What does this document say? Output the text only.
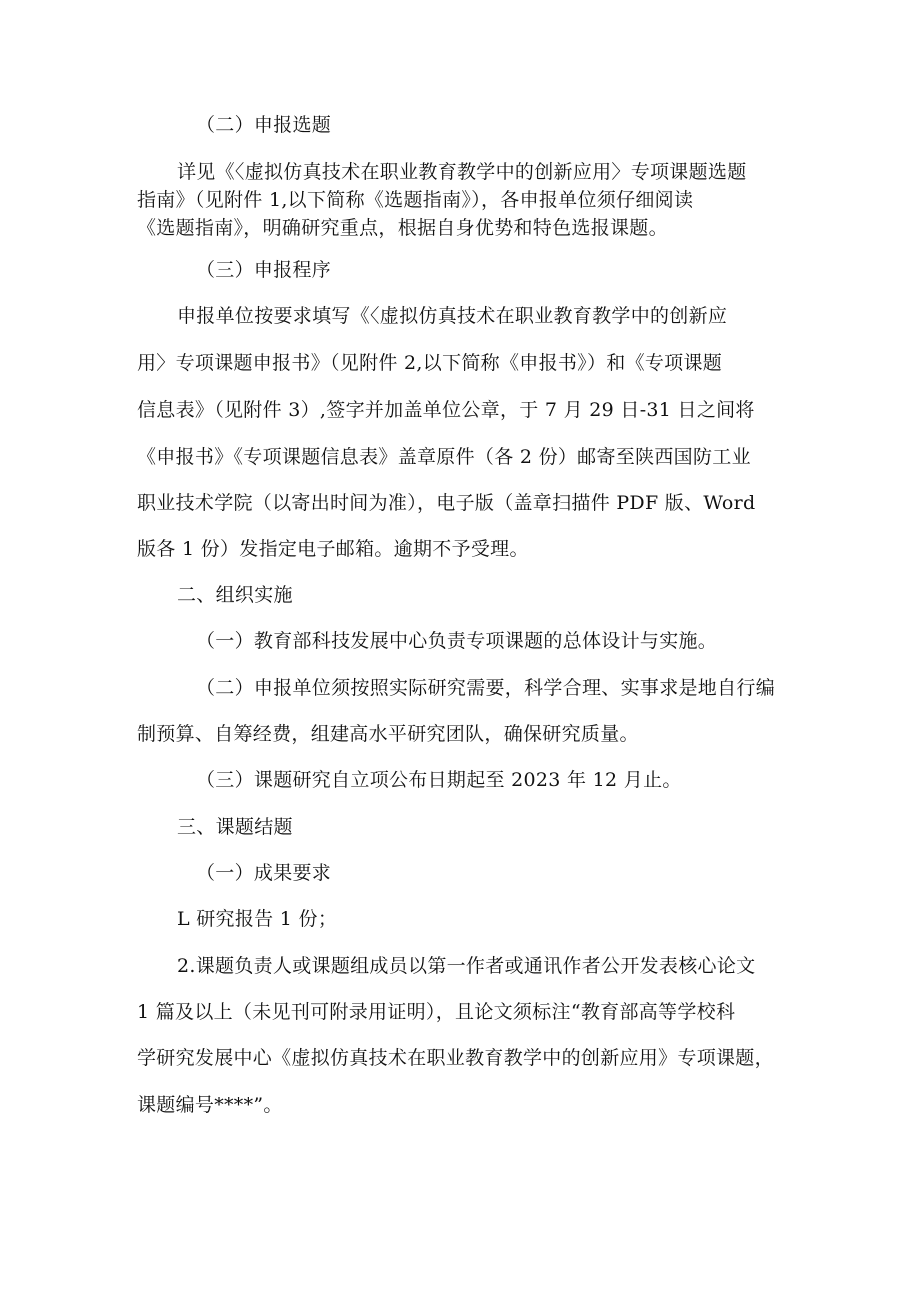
（二）申报选题
详见《〈虚拟仿真技术在职业教育教学中的创新应用〉专项课题选题
指南》（见附件 1,以下简称《选题指南》），各申报单位须仔细阅读
《选题指南》，明确研究重点，根据自身优势和特色选报课题。
（三）申报程序
申报单位按要求填写《〈虚拟仿真技术在职业教育教学中的创新应
用〉专项课题申报书》（见附件 2,以下简称《申报书》）和《专项课题
信息表》（见附件 3）,签字并加盖单位公章，于 7 月 29 日-31 日之间将
《申报书》《专项课题信息表》盖章原件（各 2 份）邮寄至陕西国防工业
职业技术学院（以寄出时间为准），电子版（盖章扫描件 PDF 版、Word
版各 1 份）发指定电子邮箱。逾期不予受理。
二、组织实施
（一）教育部科技发展中心负责专项课题的总体设计与实施。
（二）申报单位须按照实际研究需要，科学合理、实事求是地自行编
制预算、自筹经费，组建高水平研究团队，确保研究质量。
（三）课题研究自立项公布日期起至 2023 年 12 月止。
三、课题结题
（一）成果要求
L 研究报告 1 份；
2.课题负责人或课题组成员以第一作者或通讯作者公开发表核心论文
1 篇及以上（未见刊可附录用证明），且论文须标注“教育部高等学校科
学研究发展中心《虚拟仿真技术在职业教育教学中的创新应用》专项课题，
课题编号****”。
